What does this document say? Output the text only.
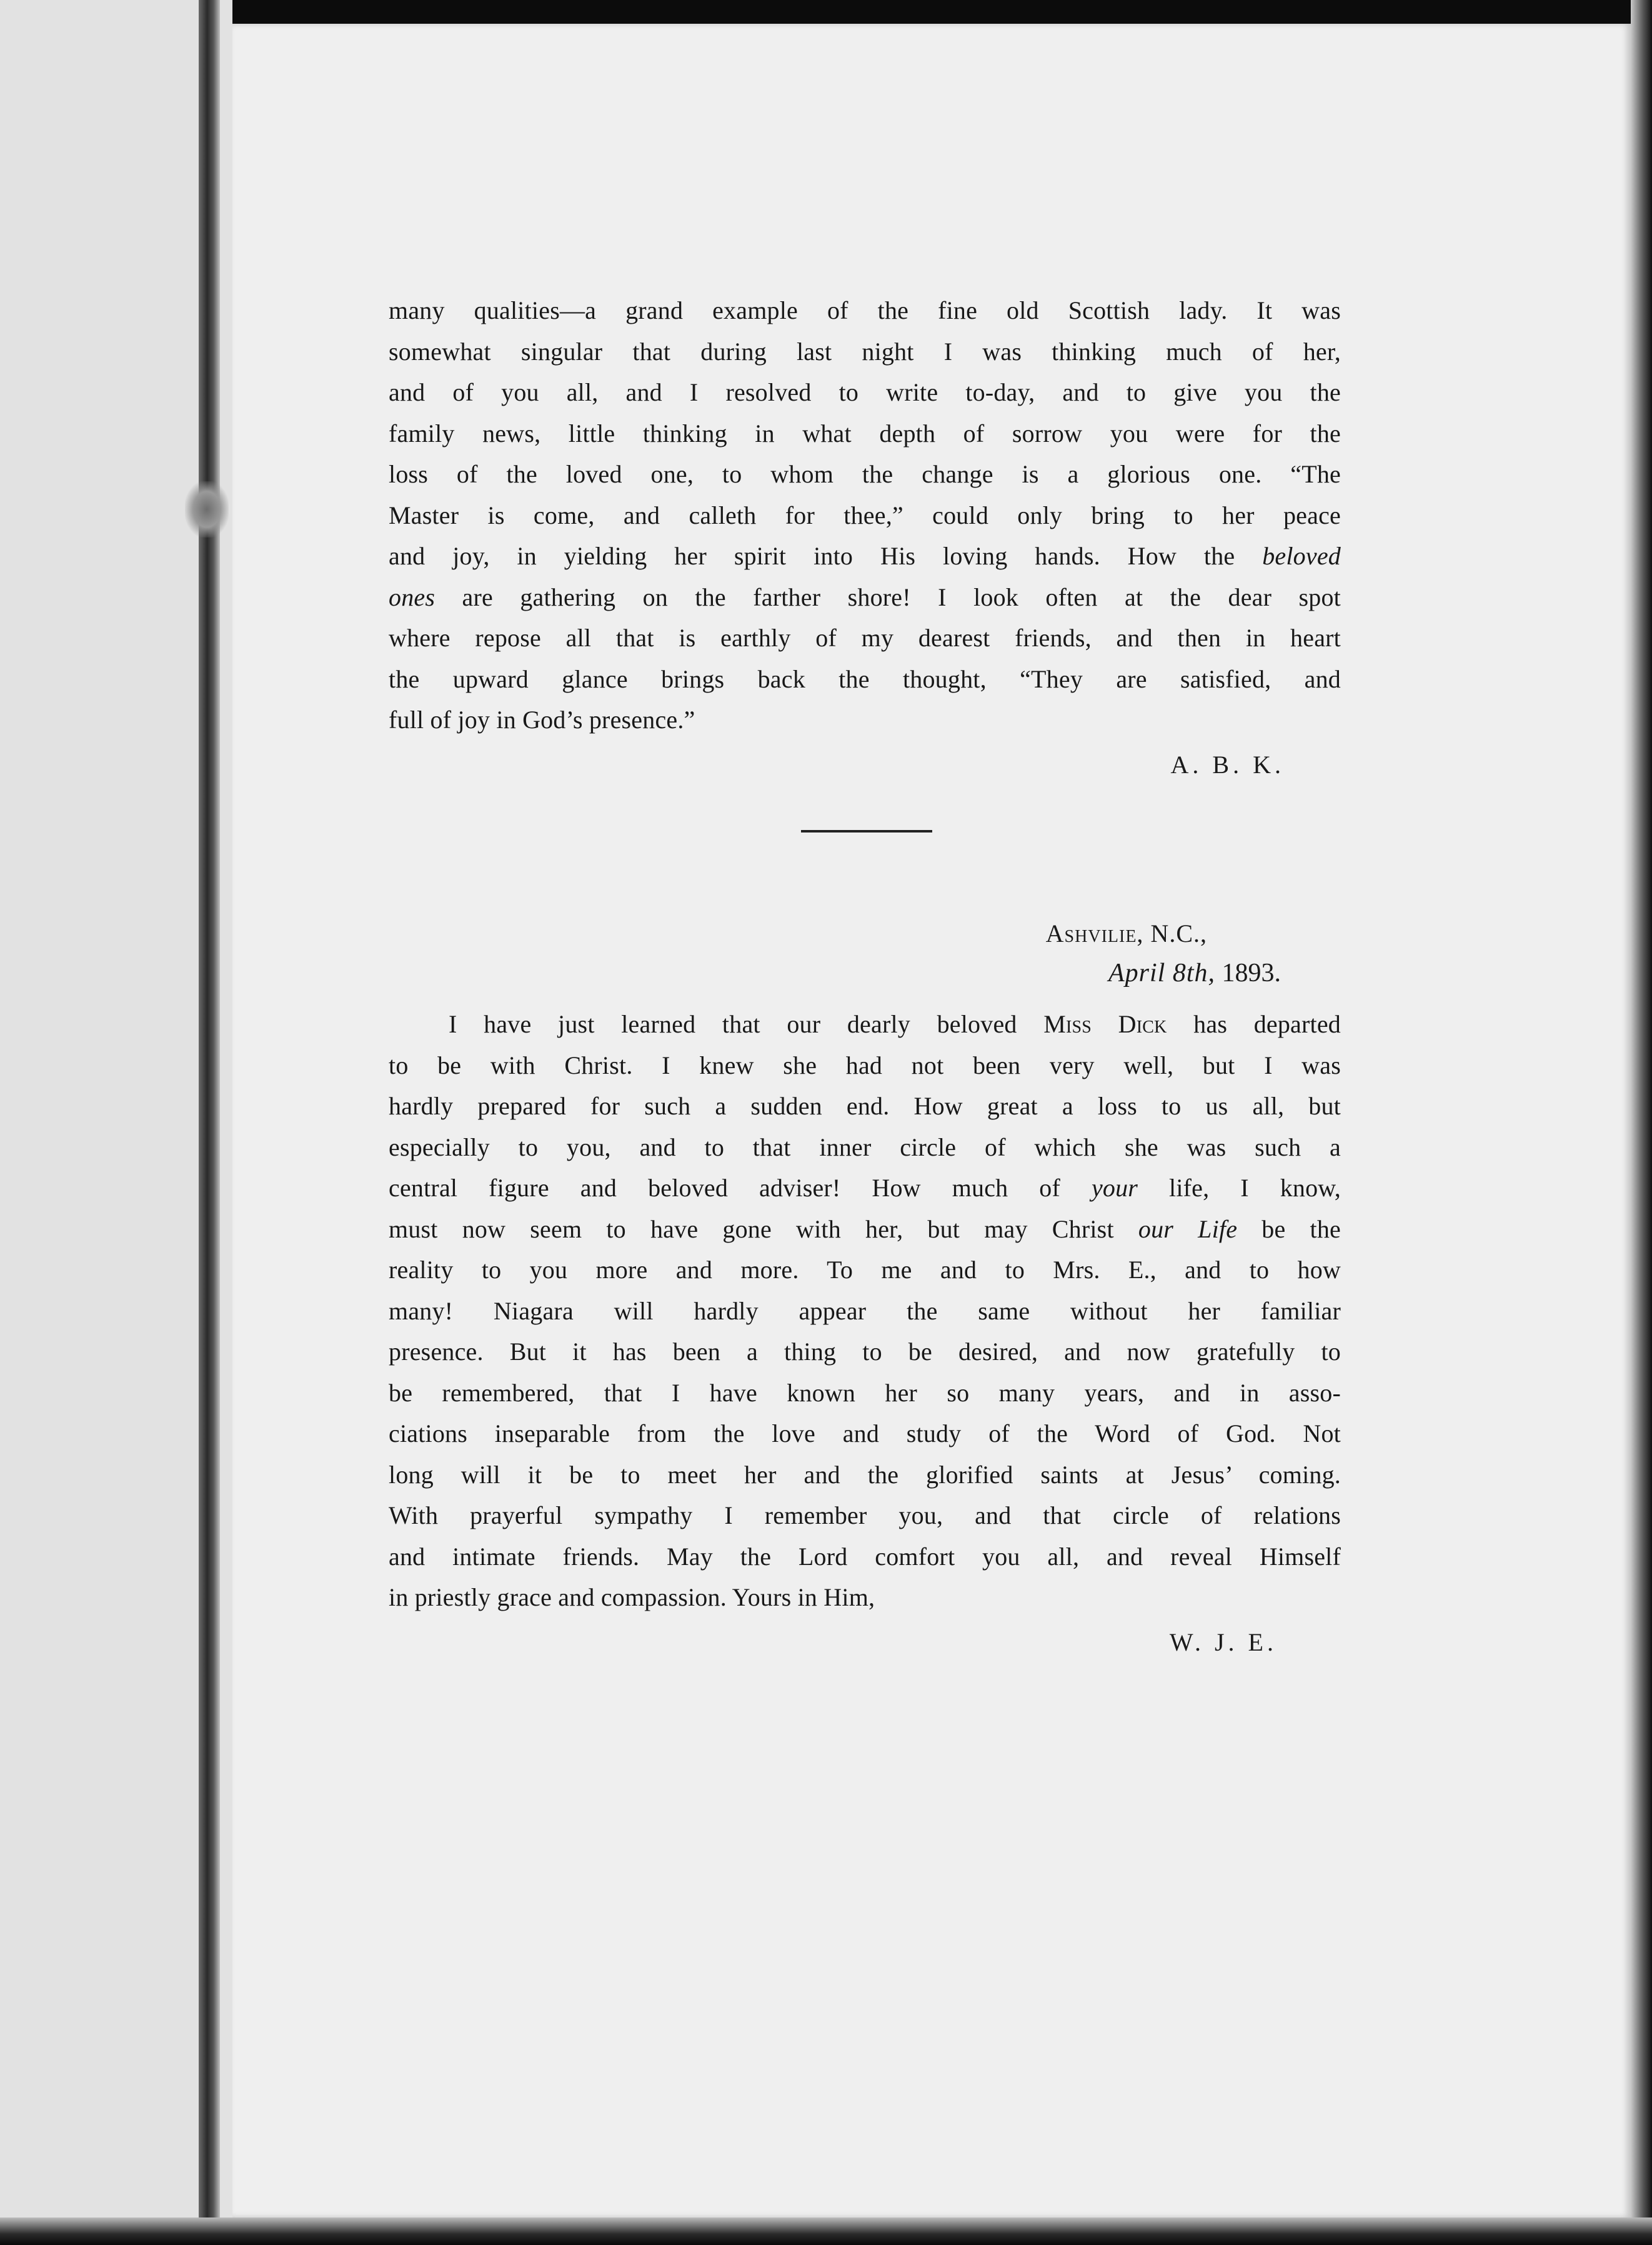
many qualities—a grand example of the fine old Scottish lady. It was
somewhat singular that during last night I was thinking much of her,
and of you all, and I resolved to write to-day, and to give you the
family news, little thinking in what depth of sorrow you were for the
loss of the loved one, to whom the change is a glorious one. “The
Master is come, and calleth for thee,” could only bring to her peace
and joy, in yielding her spirit into His loving hands. How the beloved
ones are gathering on the farther shore! I look often at the dear spot
where repose all that is earthly of my dearest friends, and then in heart
the upward glance brings back the thought, “They are satisfied, and
full of joy in God’s presence.”
A. B. K.
Ashvilie, N.C.,
April 8th, 1893.
I have just learned that our dearly beloved Miss Dick has departed
to be with Christ. I knew she had not been very well, but I was
hardly prepared for such a sudden end. How great a loss to us all, but
especially to you, and to that inner circle of which she was such a
central figure and beloved adviser! How much of your life, I know,
must now seem to have gone with her, but may Christ our Life be the
reality to you more and more. To me and to Mrs. E., and to how
many! Niagara will hardly appear the same without her familiar
presence. But it has been a thing to be desired, and now gratefully to
be remembered, that I have known her so many years, and in asso-
ciations inseparable from the love and study of the Word of God. Not
long will it be to meet her and the glorified saints at Jesus’ coming.
With prayerful sympathy I remember you, and that circle of relations
and intimate friends. May the Lord comfort you all, and reveal Himself
in priestly grace and compassion. Yours in Him,
W. J. E.
